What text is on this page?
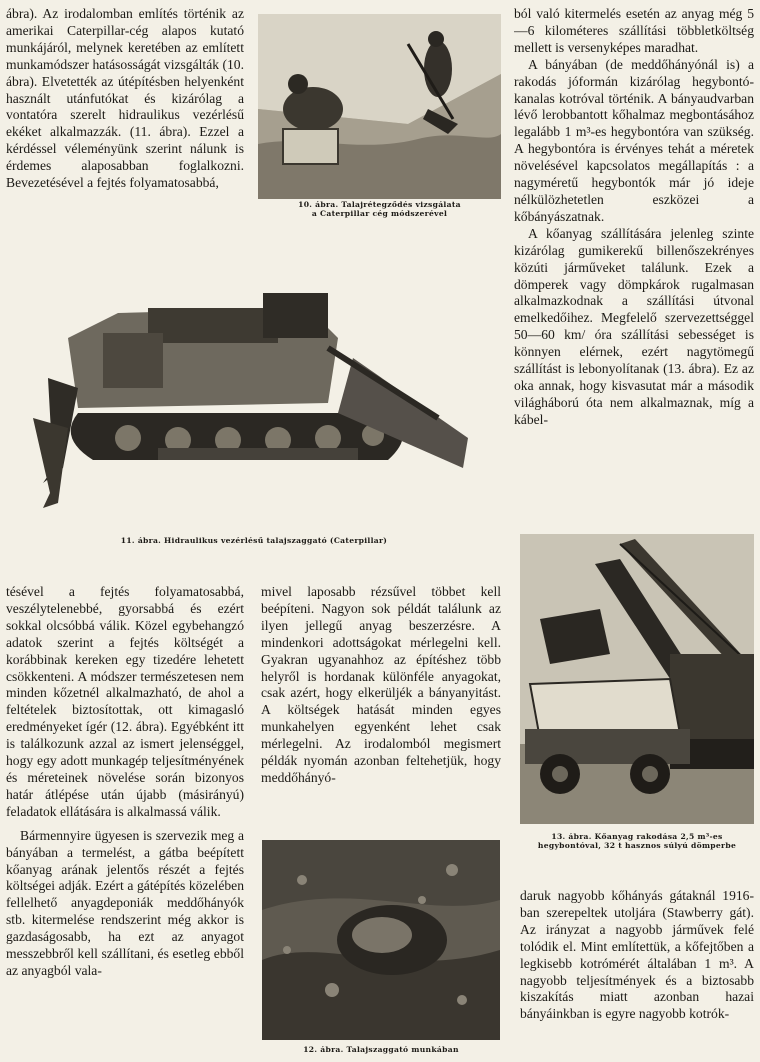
ábra). Az irodalomban említés történik az amerikai Caterpillar-cég alapos kutató munkájáról, melynek keretében az említett munkamódszer hatásosságát vizsgálták (10. ábra). Elvetették az útépítésben helyenként használt utánfutókat és kizárólag a vontatóra szerelt hidraulikus vezérlésű ekéket alkalmazzák. (11. ábra). Ezzel a kérdéssel véleményünk szerint nálunk is érdemes alaposabban foglalkozni. Bevezetésével a fejtés folyamatosabbá,

10. ábra. Talajrétegződés vizsgálata
a Caterpillar cég módszerével
11. ábra. Hidraulikus vezérlésű talajszaggató (Caterpillar)

tésével a fejtés folyamatosabbá, veszélytelenebbé, gyorsabbá és ezért sokkal olcsóbbá válik. Közel egybehangzó adatok szerint a fejtés költségét a korábbinak kereken egy tizedére lehetett csökkenteni. A módszer természetesen nem minden kőzetnél alkalmazható, de ahol a feltételek biztosítottak, ott kimagasló eredményeket ígér (12. ábra). Egyébként itt is találkozunk azzal az ismert jelenséggel, hogy egy adott munkagép teljesítményének és méreteinek növelése során bizonyos határ átlépése után újabb (másirányú) feladatok ellátására is alkalmassá válik.

Bármennyire ügyesen is szervezik meg a bányában a termelést, a gátba beépített kőanyag arának jelentős részét a fejtés költségei adják. Ezért a gátépítés közelében fellelhető anyagdeponiák meddőhányók stb. kitermelése rendszerint még akkor is gazdaságosabb, ha ezt az anyagot messzebbről kell szállítani, és esetleg ebből az anyagból vala-

mivel laposabb rézsűvel többet kell beépíteni. Nagyon sok példát találunk az ilyen jellegű anyag beszerzésre. A mindenkori adottságokat mérlegelni kell. Gyakran ugyanahhoz az építéshez több helyről is hordanak különféle anyagokat, csak azért, hogy elkerüljék a bányanyitást. A költségek hatását minden egyes munkahelyen egyenként lehet csak mérlegelni. Az irodalomból megismert példák nyomán azonban feltehetjük, hogy meddőhányó-

12. ábra. Talajszaggató munkában

ból való kitermelés esetén az anyag még 5—6 kilométeres szállítási többletköltség mellett is versenyképes maradhat.

A bányában (de meddőhányónál is) a rakodás jóformán kizárólag hegybontó-kanalas kotróval történik. A bányaudvarban lévő lerobbantott kőhalmaz megbontásához legalább 1 m³-es hegybontóra van szükség. A hegybontóra is érvényes tehát a méretek növelésével kapcsolatos megállapítás : a nagyméretű hegybontók már jó ideje nélkülözhetetlen eszközei a kőbányászatnak.

A kőanyag szállítására jelenleg szinte kizárólag gumikerekű billenőszekrényes közúti járműveket találunk. Ezek a dömperek vagy dömpkárok rugalmasan alkalmazkodnak a szállítási útvonal emelkedőihez. Megfelelő szervezettséggel 50—60 km/ óra szállítási sebességet is könnyen elérnek, ezért nagytömegű szállítást is lebonyolítanak (13. ábra). Ez az oka annak, hogy kisvasutat már a második világháború óta nem alkalmaznak, míg a kábel-

13. ábra. Kőanyag rakodása 2,5 m³-es
hegybontóval, 32 t hasznos súlyú dömperbe

daruk nagyobb kőhányás gátaknál 1916-ban szerepeltek utoljára (Stawberry gát). Az irányzat a nagyobb járművek felé tolódik el. Mint említettük, a kőfejtőben a legkisebb kotrómérét általában 1 m³. A nagyobb teljesítmények és a biztosabb kiszakítás miatt azonban hazai bányáinkban is egyre nagyobb kotrók-
